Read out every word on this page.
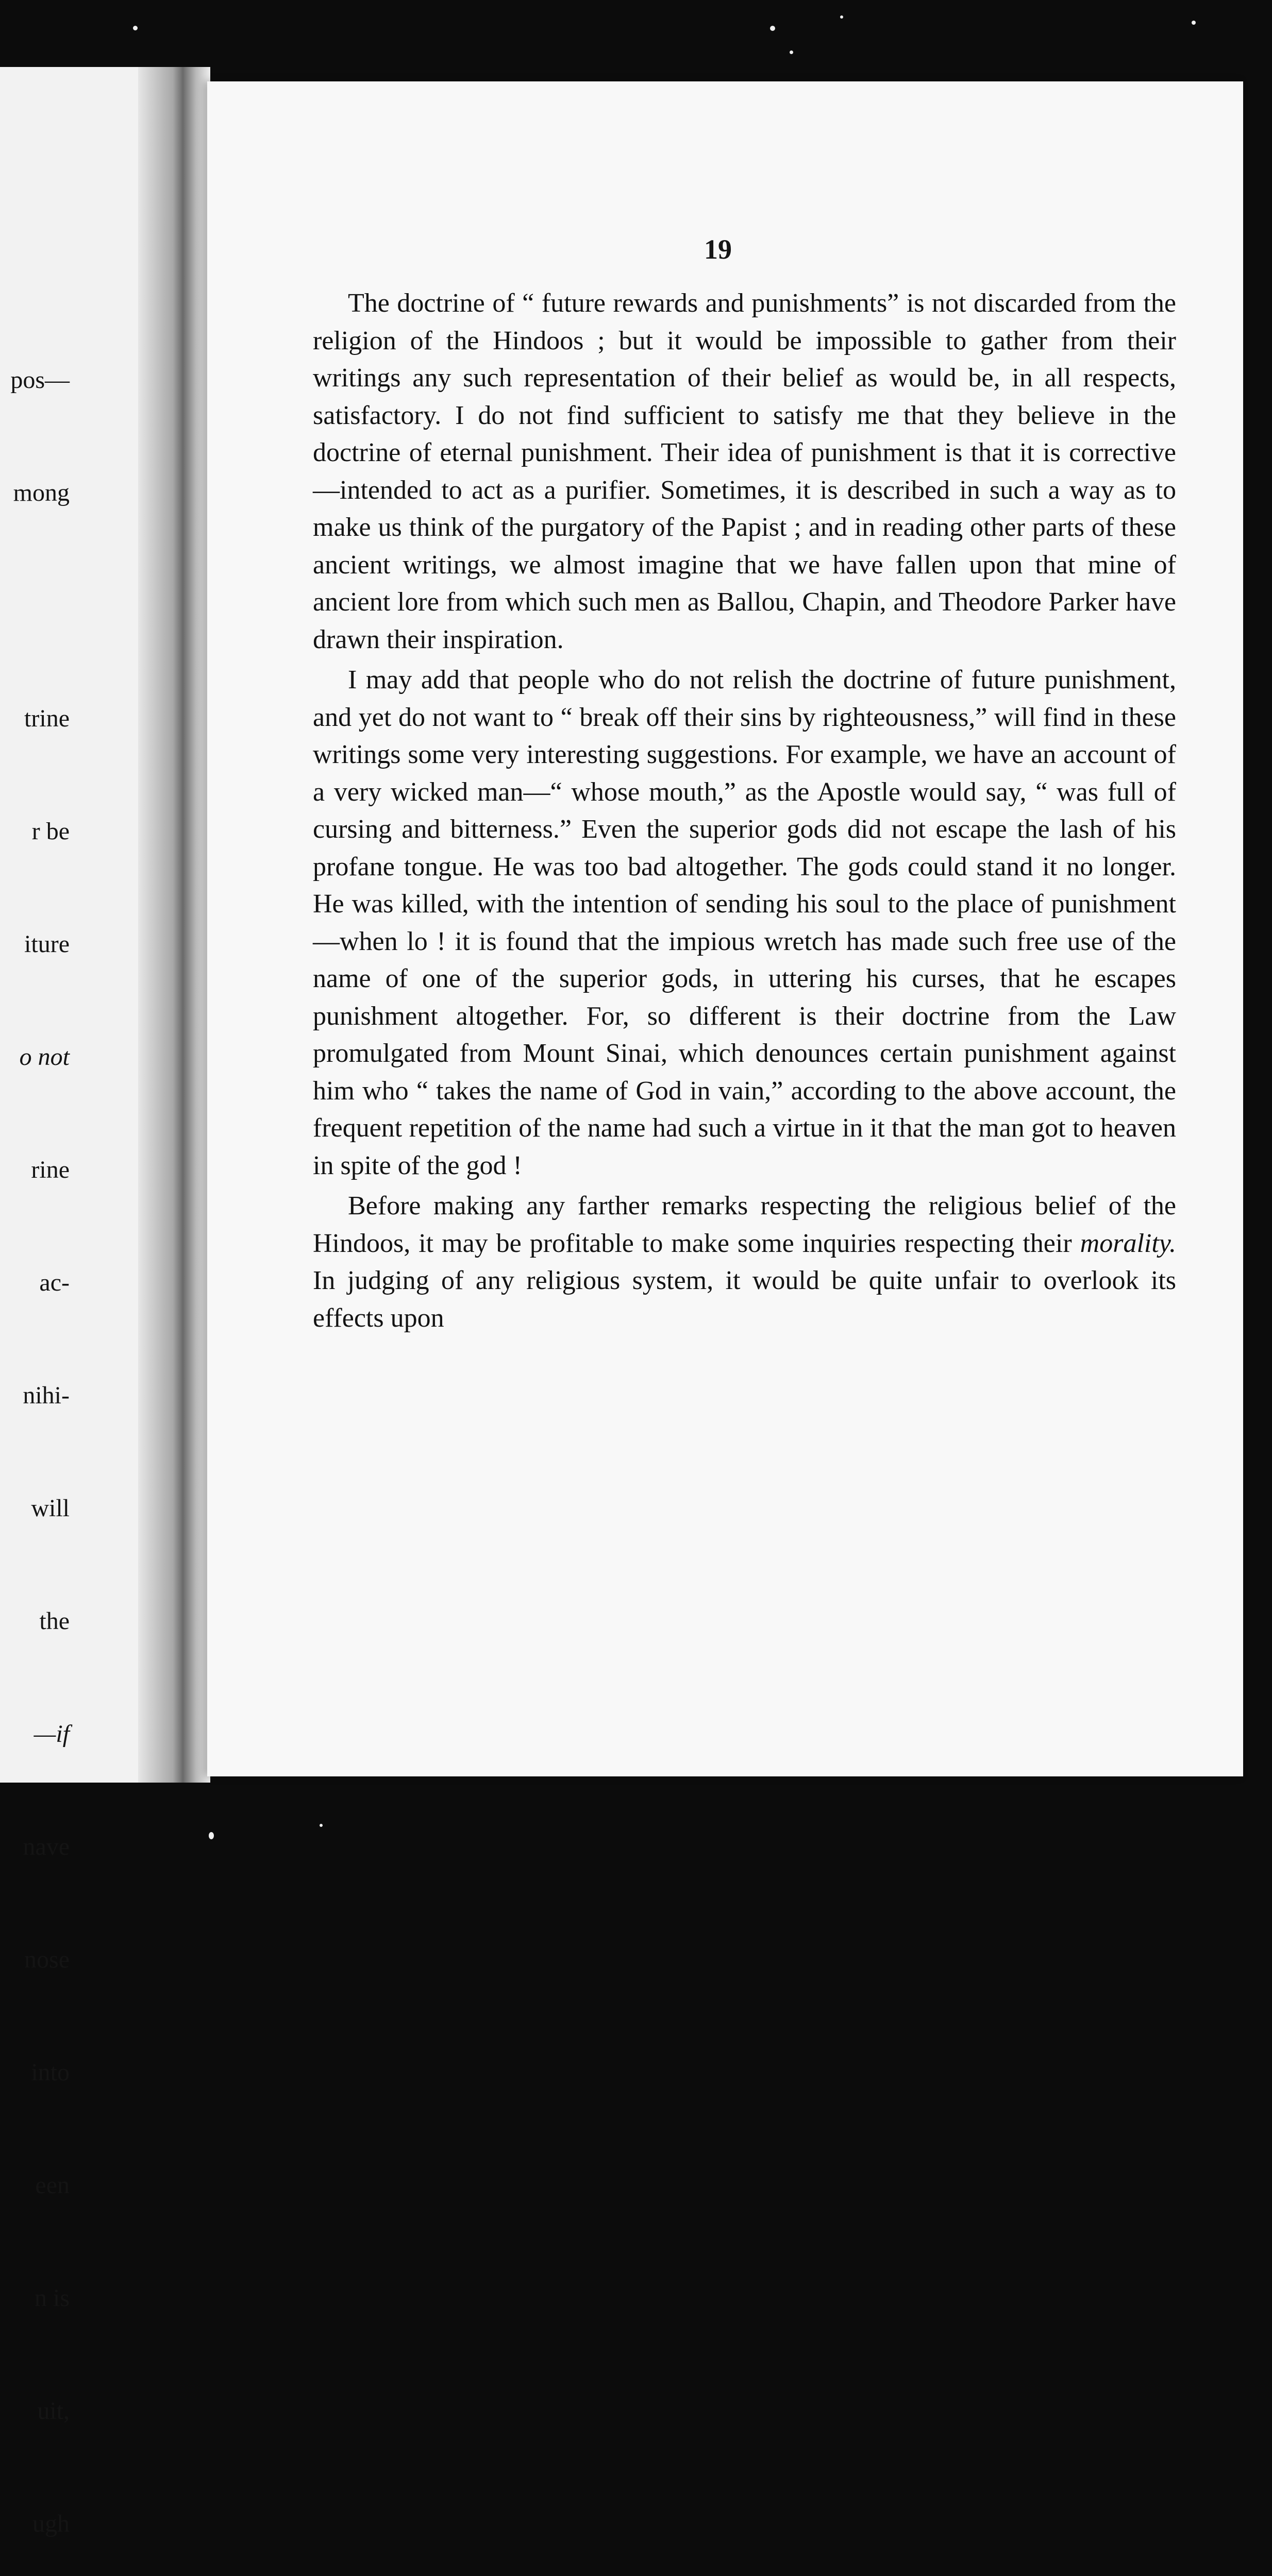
pos—

mong

trine

r be

iture

o not

rine

ac-

nihi-

will

the

—if

nave

nose

into

een

n is

uit,

ugh

19

The doctrine of “ future rewards and punishments” is not discarded from the religion of the Hindoos ; but it would be impossible to gather from their writings any such representation of their belief as would be, in all respects, satisfactory. I do not find sufficient to satisfy me that they believe in the doctrine of eternal punishment. Their idea of punishment is that it is corrective—intended to act as a purifier. Sometimes, it is described in such a way as to make us think of the purgatory of the Papist ; and in reading other parts of these ancient writings, we almost imagine that we have fallen upon that mine of ancient lore from which such men as Ballou, Chapin, and Theodore Parker have drawn their inspiration.

I may add that people who do not relish the doctrine of future punishment, and yet do not want to “ break off their sins by righteousness,” will find in these writings some very interesting suggestions. For example, we have an account of a very wicked man—“ whose mouth,” as the Apostle would say, “ was full of cursing and bitterness.” Even the superior gods did not escape the lash of his profane tongue. He was too bad altogether. The gods could stand it no longer. He was killed, with the intention of sending his soul to the place of punishment—when lo ! it is found that the impious wretch has made such free use of the name of one of the superior gods, in uttering his curses, that he escapes punishment altogether. For, so different is their doctrine from the Law promulgated from Mount Sinai, which denounces certain punishment against him who “ takes the name of God in vain,” according to the above account, the frequent repetition of the name had such a virtue in it that the man got to heaven in spite of the god !

Before making any farther remarks respecting the religious belief of the Hindoos, it may be profitable to make some inquiries respecting their morality. In judging of any religious system, it would be quite unfair to overlook its effects upon
